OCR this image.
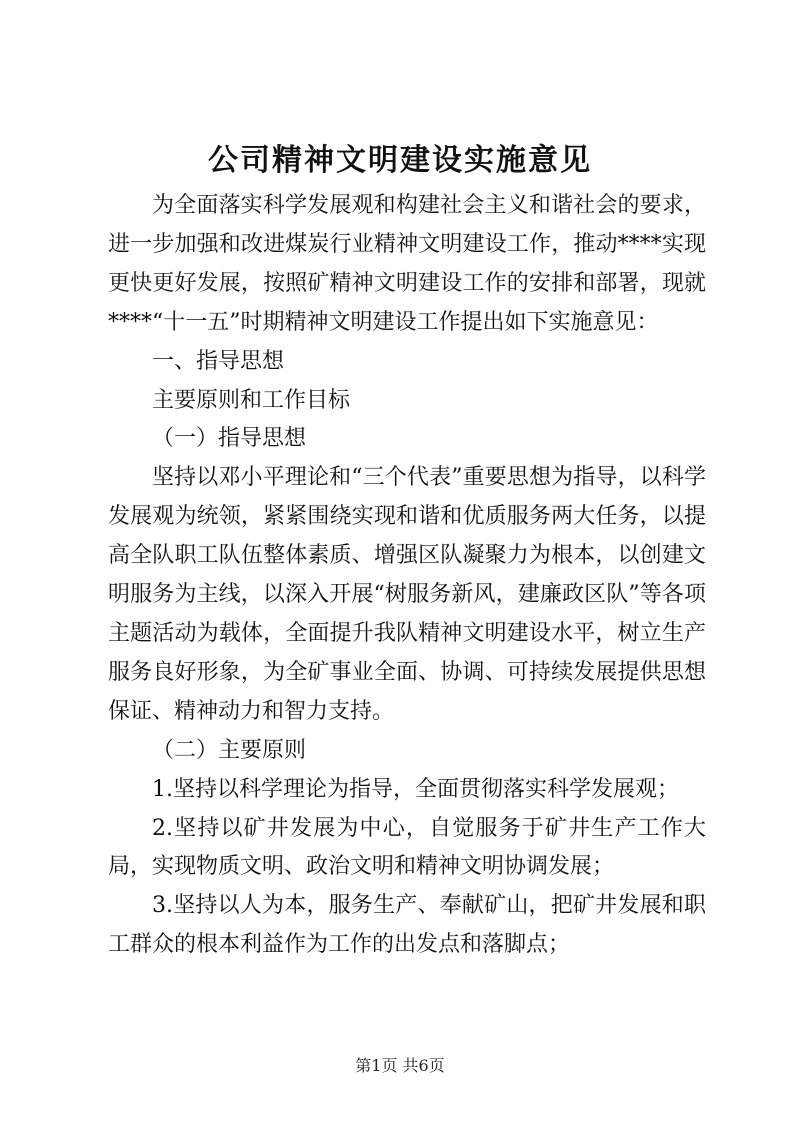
公司精神文明建设实施意见

为全面落实科学发展观和构建社会主义和谐社会的要求，进一步加强和改进煤炭行业精神文明建设工作，推动****实现更快更好发展，按照矿精神文明建设工作的安排和部署，现就****“十一五”时期精神文明建设工作提出如下实施意见：

一、指导思想

主要原则和工作目标

（一）指导思想

坚持以邓小平理论和“三个代表”重要思想为指导，以科学发展观为统领，紧紧围绕实现和谐和优质服务两大任务，以提高全队职工队伍整体素质、增强区队凝聚力为根本，以创建文明服务为主线，以深入开展“树服务新风，建廉政区队”等各项主题活动为载体，全面提升我队精神文明建设水平，树立生产服务良好形象，为全矿事业全面、协调、可持续发展提供思想保证、精神动力和智力支持。

（二）主要原则

1.坚持以科学理论为指导，全面贯彻落实科学发展观；

2.坚持以矿井发展为中心，自觉服务于矿井生产工作大局，实现物质文明、政治文明和精神文明协调发展；

3.坚持以人为本，服务生产、奉献矿山，把矿井发展和职工群众的根本利益作为工作的出发点和落脚点；

第1页 共6页
